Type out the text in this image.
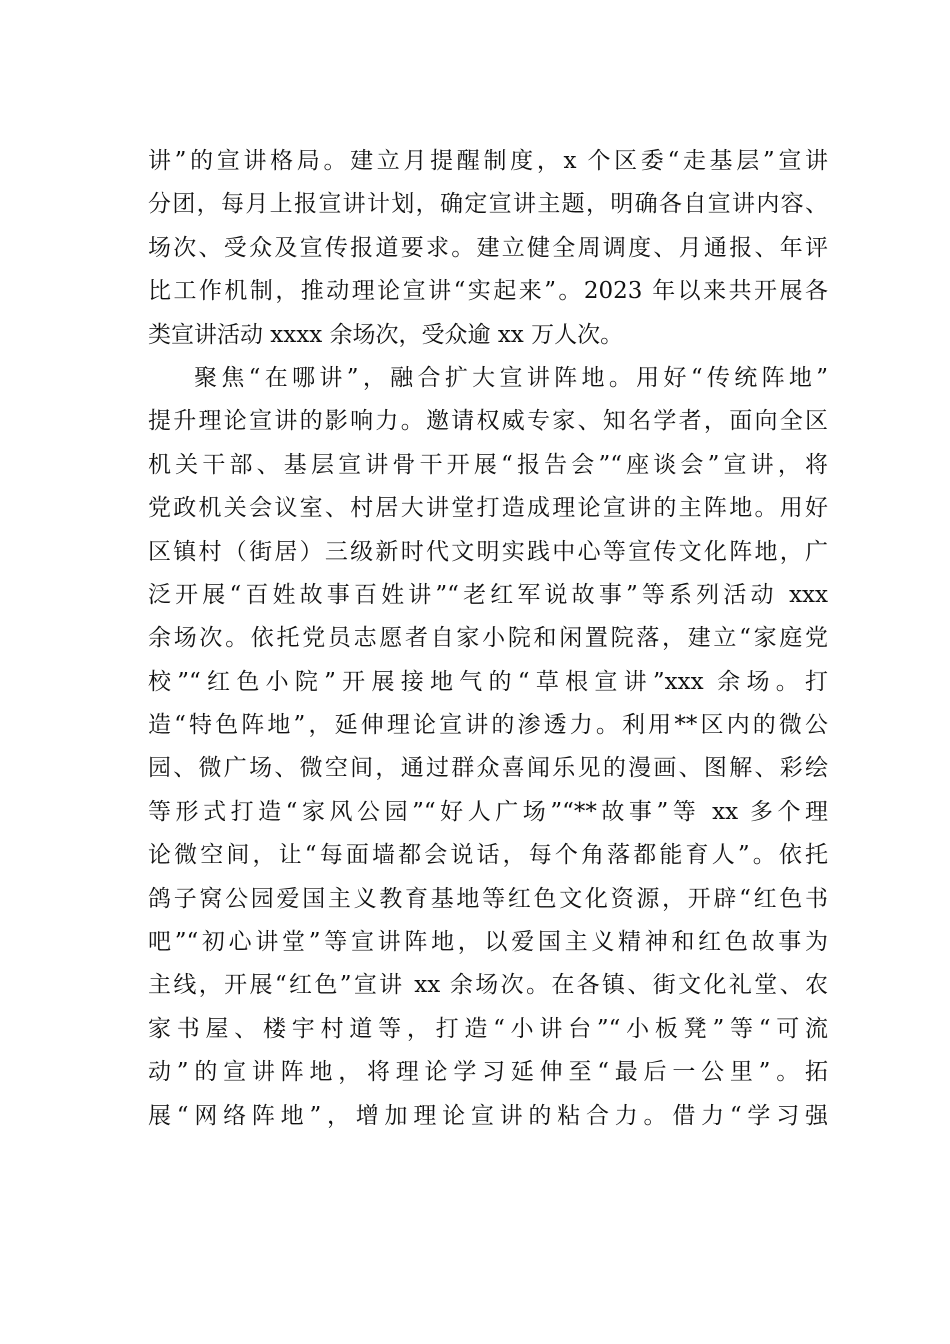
讲”的宣讲格局。建立月提醒制度，x 个区委“走基层”宣讲
分团，每月上报宣讲计划，确定宣讲主题，明确各自宣讲内容、
场次、受众及宣传报道要求。建立健全周调度、月通报、年评
比工作机制，推动理论宣讲“实起来”。2023 年以来共开展各
类宣讲活动 xxxx 余场次，受众逾 xx 万人次。
聚焦“在哪讲”，融合扩大宣讲阵地。用好“传统阵地”
提升理论宣讲的影响力。邀请权威专家、知名学者，面向全区
机关干部、基层宣讲骨干开展“报告会”“座谈会”宣讲，将
党政机关会议室、村居大讲堂打造成理论宣讲的主阵地。用好
区镇村（街居）三级新时代文明实践中心等宣传文化阵地，广
泛开展“百姓故事百姓讲”“老红军说故事”等系列活动 xxx
余场次。依托党员志愿者自家小院和闲置院落，建立“家庭党
校”“红色小院”开展接地气的“草根宣讲”xxx 余场。打
造“特色阵地”，延伸理论宣讲的渗透力。利用**区内的微公
园、微广场、微空间，通过群众喜闻乐见的漫画、图解、彩绘
等形式打造“家风公园”“好人广场”“**故事”等 xx 多个理
论微空间，让“每面墙都会说话，每个角落都能育人”。依托
鸽子窝公园爱国主义教育基地等红色文化资源，开辟“红色书
吧”“初心讲堂”等宣讲阵地，以爱国主义精神和红色故事为
主线，开展“红色”宣讲 xx 余场次。在各镇、街文化礼堂、农
家书屋、楼宇村道等，打造“小讲台”“小板凳”等“可流
动”的宣讲阵地，将理论学习延伸至“最后一公里”。拓
展“网络阵地”，增加理论宣讲的粘合力。借力“学习强
